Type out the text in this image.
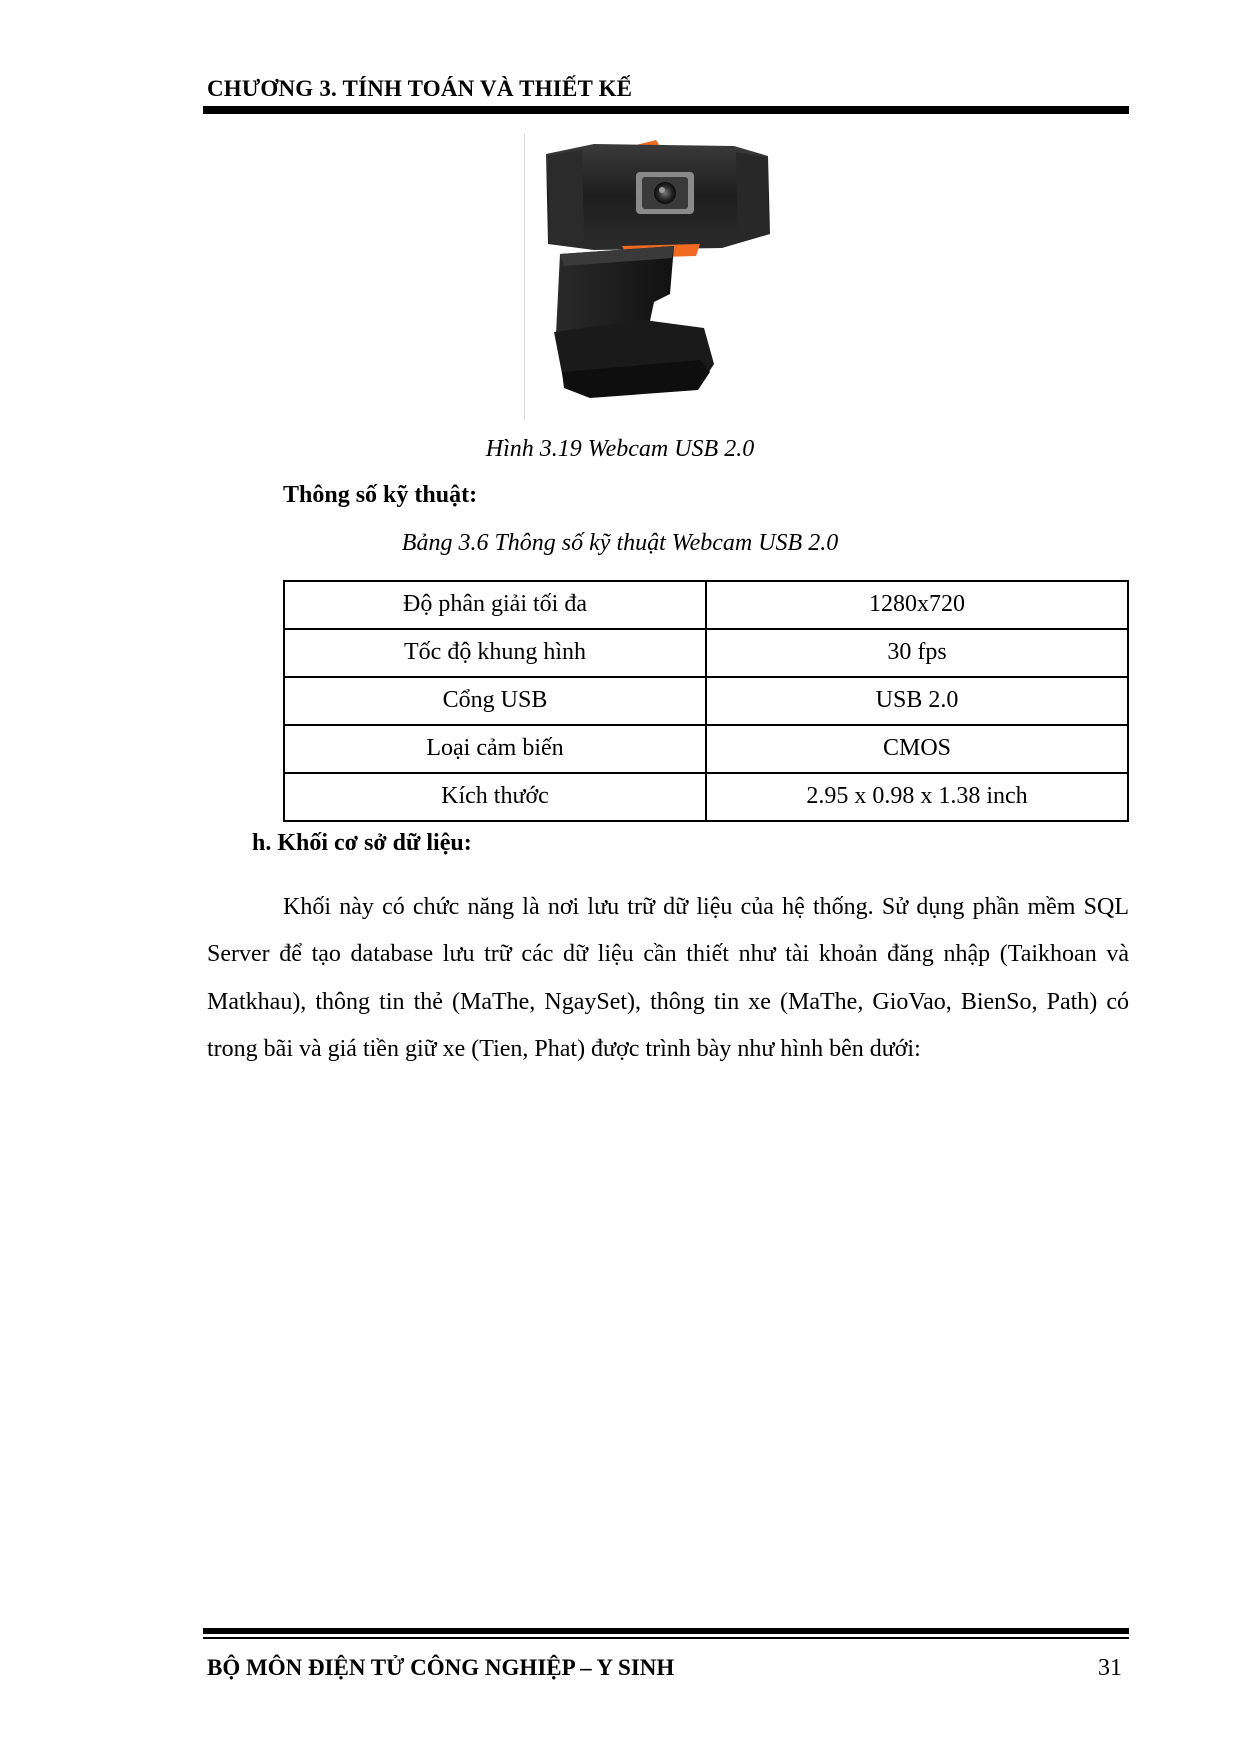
CHƯƠNG 3. TÍNH TOÁN VÀ THIẾT KẾ
Hình 3.19 Webcam USB 2.0
Thông số kỹ thuật:
Bảng 3.6 Thông số kỹ thuật Webcam USB 2.0
Độ phân giải tối đa	1280x720
Tốc độ khung hình	30 fps
Cổng USB	USB 2.0
Loại cảm biến	CMOS
Kích thước	2.95 x 0.98 x 1.38 inch
h. Khối cơ sở dữ liệu:
Khối này có chức năng là nơi lưu trữ dữ liệu của hệ thống. Sử dụng phần mềm SQL Server để tạo database lưu trữ các dữ liệu cần thiết như tài khoản đăng nhập (Taikhoan và Matkhau), thông tin thẻ (MaThe, NgaySet), thông tin xe (MaThe, GioVao, BienSo, Path) có trong bãi và giá tiền giữ xe (Tien, Phat) được trình bày như hình bên dưới:
BỘ MÔN ĐIỆN TỬ CÔNG NGHIỆP – Y SINH	31
